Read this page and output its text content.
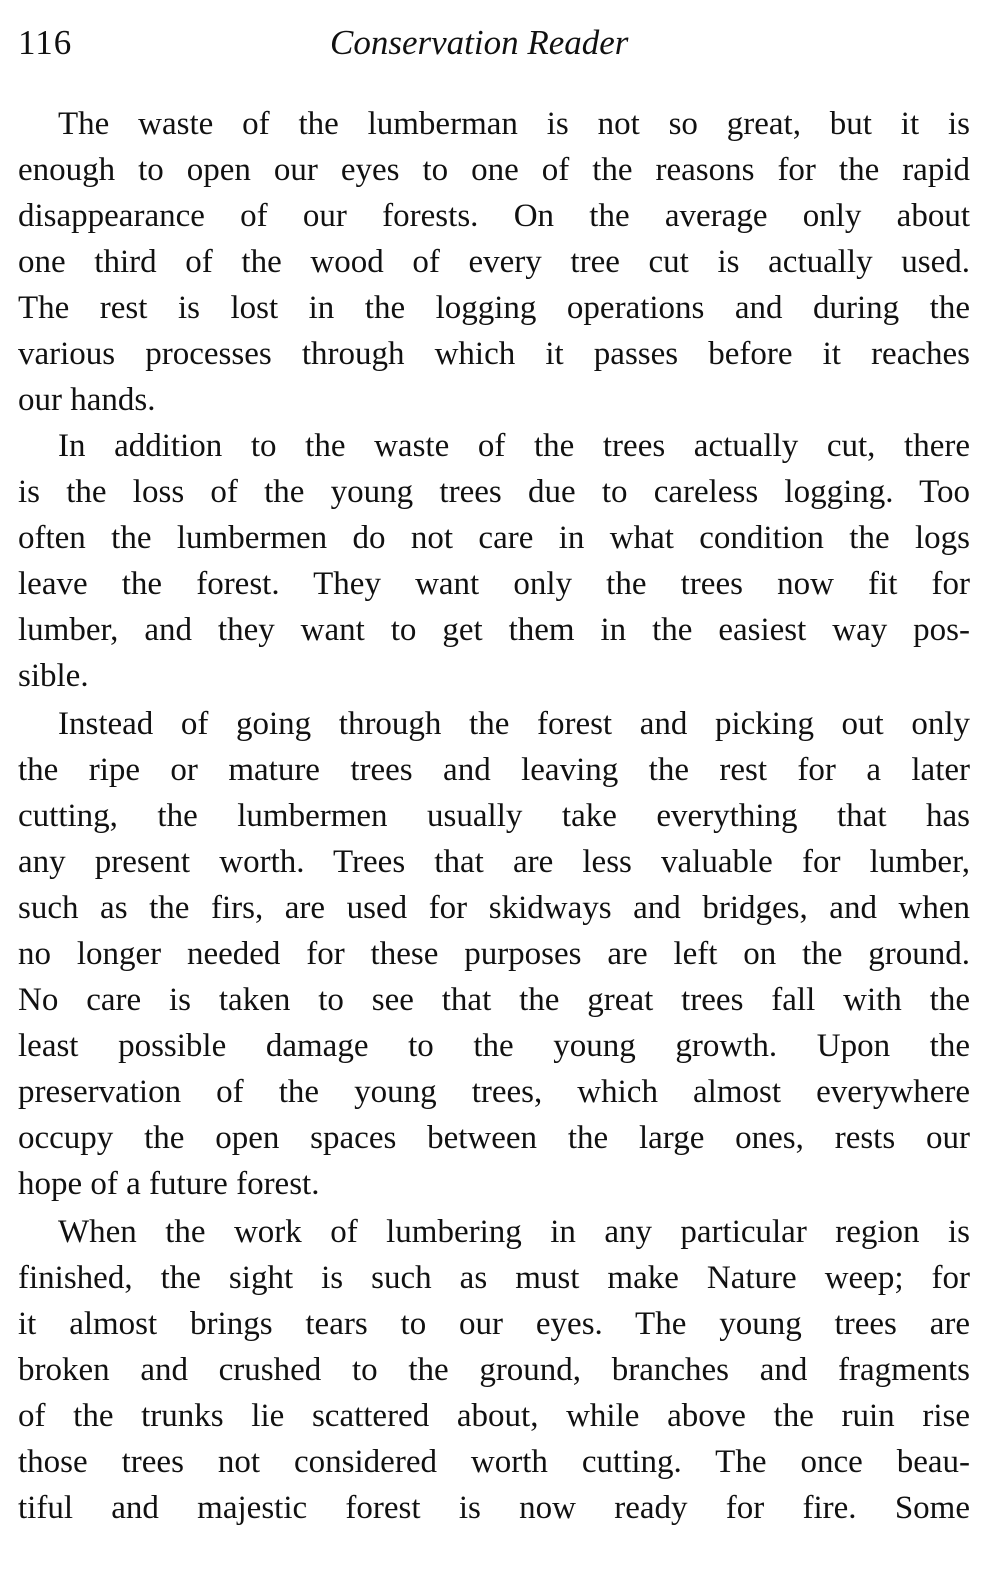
116	Conservation Reader
The waste of the lumberman is not so great, but it is
enough to open our eyes to one of the reasons for the rapid
disappearance of our forests. On the average only about
one third of the wood of every tree cut is actually used.
The rest is lost in the logging operations and during the
various processes through which it passes before it reaches
our hands.
In addition to the waste of the trees actually cut, there
is the loss of the young trees due to careless logging. Too
often the lumbermen do not care in what condition the logs
leave the forest. They want only the trees now fit for
lumber, and they want to get them in the easiest way pos-
sible.
Instead of going through the forest and picking out only
the ripe or mature trees and leaving the rest for a later
cutting, the lumbermen usually take everything that has
any present worth. Trees that are less valuable for lumber,
such as the firs, are used for skidways and bridges, and when
no longer needed for these purposes are left on the ground.
No care is taken to see that the great trees fall with the
least possible damage to the young growth. Upon the
preservation of the young trees, which almost everywhere
occupy the open spaces between the large ones, rests our
hope of a future forest.
When the work of lumbering in any particular region is
finished, the sight is such as must make Nature weep; for
it almost brings tears to our eyes. The young trees are
broken and crushed to the ground, branches and fragments
of the trunks lie scattered about, while above the ruin rise
those trees not considered worth cutting. The once beau-
tiful and majestic forest is now ready for fire. Some
